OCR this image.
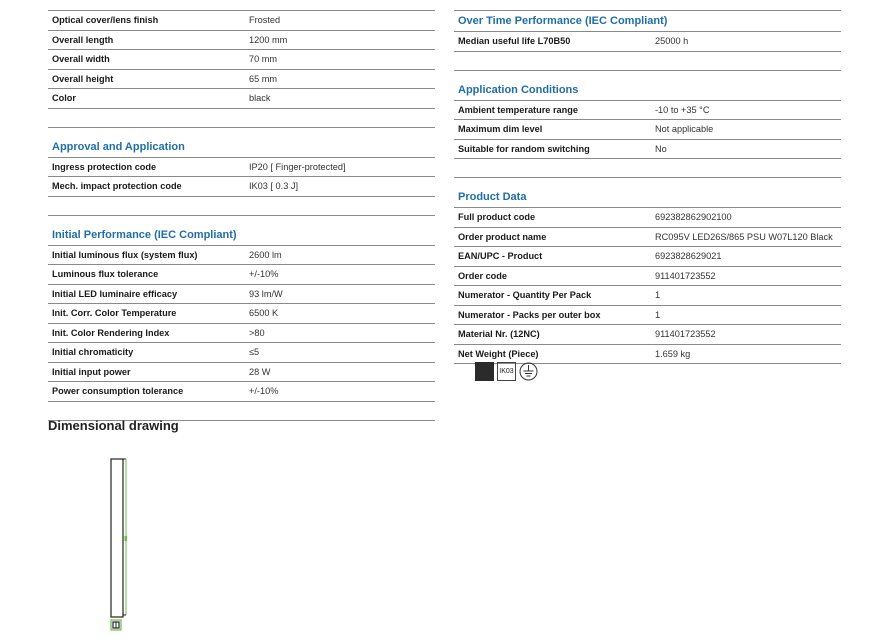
Optical cover/lens finish	Frosted
Overall length	1200 mm
Overall width	70 mm
Overall height	65 mm
Color	black
Approval and Application
Ingress protection code	IP20 [ Finger-protected]
Mech. impact protection code	IK03 [ 0.3 J]
Initial Performance (IEC Compliant)
Initial luminous flux (system flux)	2600 lm
Luminous flux tolerance	+/-10%
Initial LED luminaire efficacy	93 lm/W
Init. Corr. Color Temperature	6500 K
Init. Color Rendering Index	>80
Initial chromaticity	≤5
Initial input power	28 W
Power consumption tolerance	+/-10%
Over Time Performance (IEC Compliant)
Median useful life L70B50	25000 h
Application Conditions
Ambient temperature range	-10 to +35 °C
Maximum dim level	Not applicable
Suitable for random switching	No
Product Data
Full product code	692382862902100
Order product name	RC095V LED26S/865 PSU W07L120 Black
EAN/UPC - Product	6923828629021
Order code	911401723552
Numerator - Quantity Per Pack	1
Numerator - Packs per outer box	1
Material Nr. (12NC)	911401723552
Net Weight (Piece)	1.659 kg
IK03
Dimensional drawing
